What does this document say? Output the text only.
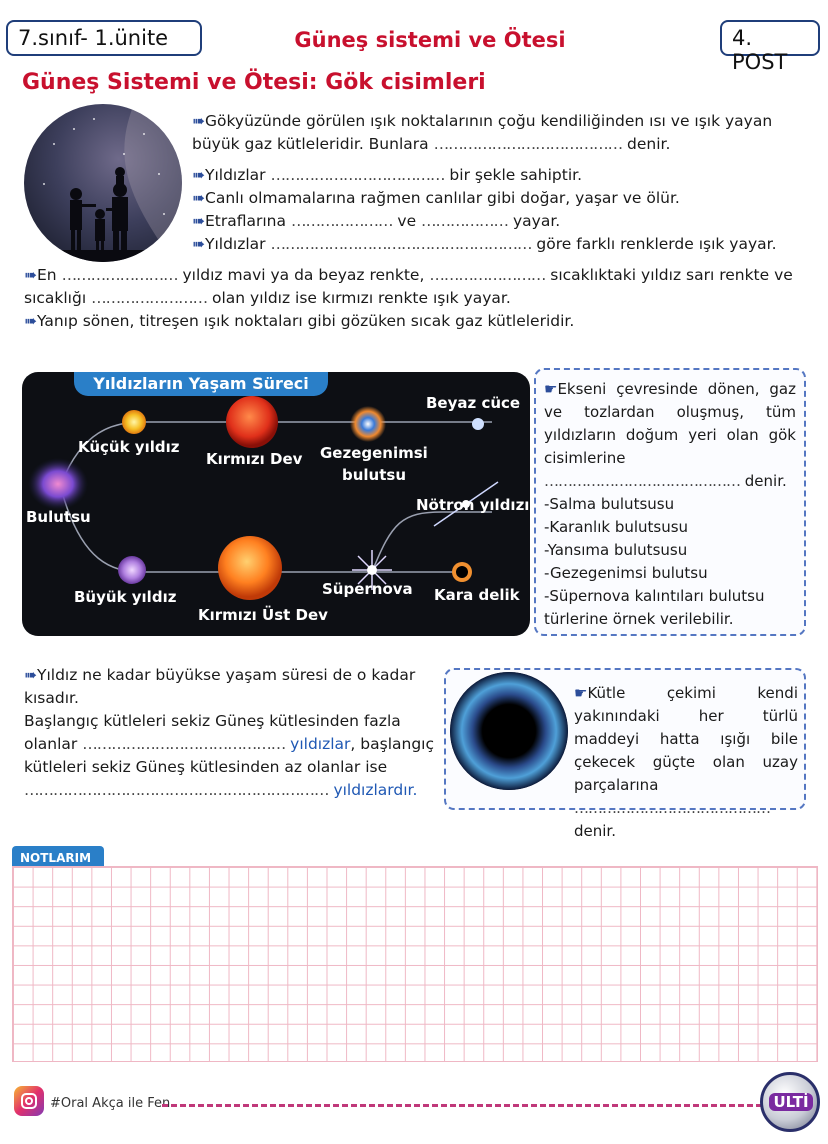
7.sınıf- 1.ünite	Güneş sistemi ve Ötesi	4. POST
Güneş Sistemi ve Ötesi: Gök cisimleri
➠Gökyüzünde görülen ışık noktalarının çoğu kendiliğinden ısı ve ışık yayan büyük gaz kütleleridir. Bunlara ………………………………… denir.
➠Yıldızlar ……………………………… bir şekle sahiptir.
➠Canlı olmamalarına rağmen canlılar gibi doğar, yaşar ve ölür.
➠Etraflarına ………………… ve ……………… yayar.
➠Yıldızlar ……………………………………………… göre farklı renklerde ışık yayar.
➠En …………………… yıldız mavi ya da beyaz renkte, …………………… sıcaklıktaki yıldız sarı renkte ve sıcaklığı …………………… olan yıldız ise kırmızı renkte ışık yayar.
➠Yanıp sönen, titreşen ışık noktaları gibi gözüken sıcak gaz kütleleridir.
Yıldızların Yaşam Süreci
Küçük yıldız
Kırmızı Dev Gezegenimsi
bulutsu
Beyaz cüce
Bulutsu
Nötron yıldızı
Büyük yıldız
Kırmızı Üst Dev
Süpernova Kara delik
☛Ekseni çevresinde dönen, gaz ve tozlardan oluşmuş, tüm yıldızların doğum yeri olan gök cisimlerine …………………………………… denir.
-Salma bulutsusu
-Karanlık bulutsusu
-Yansıma bulutsusu
-Gezegenimsi bulutsu
-Süpernova kalıntıları bulutsu
türlerine örnek verilebilir.
➠Yıldız ne kadar büyükse yaşam süresi de o kadar kısadır.
Başlangıç kütleleri sekiz Güneş kütlesinden fazla olanlar …………………………………… yıldızlar, başlangıç kütleleri sekiz Güneş kütlesinden az olanlar ise ……………………………………………………… yıldızlardır.
☛Kütle çekimi kendi yakınındaki her türlü maddeyi hatta ışığı bile çekecek güçte olan uzay parçalarına …………………………………… denir.
NOTLARIM
#Oral Akça ile Fen	ULTİ
